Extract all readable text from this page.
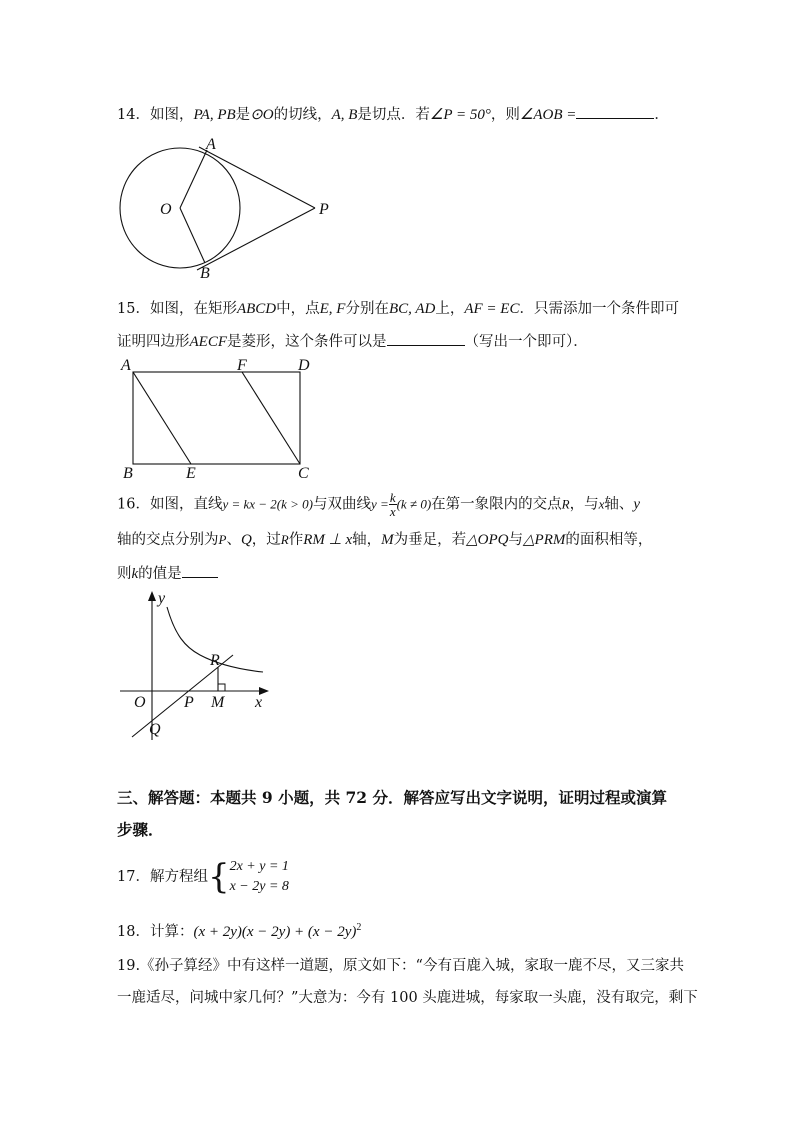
14．如图，PA, PB是⊙O的切线，A, B是切点．若∠P = 50°，则∠AOB =	．
A
O	P
B
15．如图，在矩形ABCD中，点E, F分别在BC, AD上，AF = EC．只需添加一个条件即可
证明四边形AECF是菱形，这个条件可以是	（写出一个即可）．
A	F	D
B	E	C
16．如图，直线y = kx − 2(k > 0)与双曲线$y = \frac{k}{x} (k \ne 0)$在第一象限内的交点R，与x轴、y
轴的交点分别为P、Q，过R作RM ⊥ x轴，M为垂足，若△OPQ与△PRM的面积相等，
则k的值是
y
x
O P M
Q
R
三、解答题：本题共 9 小题，共 72 分．解答应写出文字说明，证明过程或演算
步骤．
17． 解方程组 { 2x + y = 1
x − 2y = 8
18．计算：$(x + 2y)(x - 2y) + (x - 2y)^2$
19.《孙子算经》中有这样一道题，原文如下：“今有百鹿入城，家取一鹿不尽，又三家共
一鹿适尽，问城中家几何？”大意为：今有 100 头鹿进城，每家取一头鹿，没有取完，剩下
